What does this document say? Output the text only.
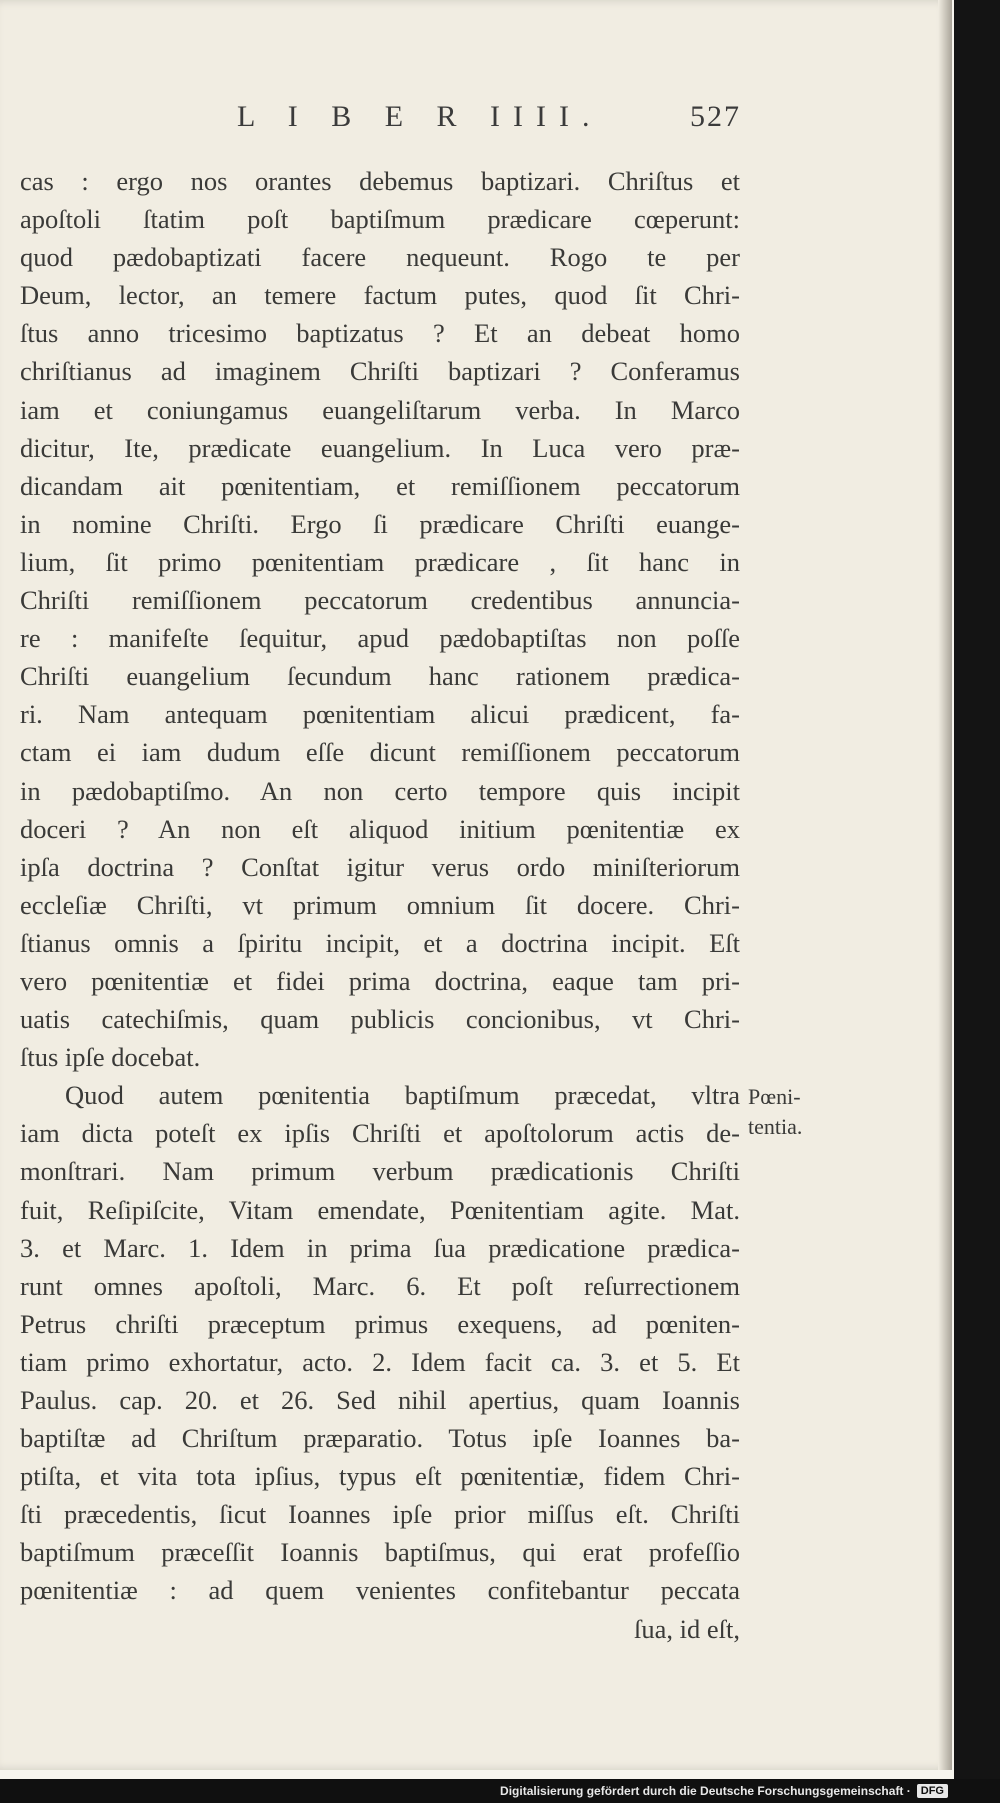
L I B E R IIII.	527
cas : ergo nos orantes debemus baptizari. Chriſtus et
apoſtoli ſtatim poſt baptiſmum prædicare cœperunt:
quod pædobaptizati facere nequeunt. Rogo te per
Deum, lector, an temere factum putes, quod ſit Chri-
ſtus anno tricesimo baptizatus ? Et an debeat homo
chriſtianus ad imaginem Chriſti baptizari ? Conferamus
iam et coniungamus euangeliſtarum verba. In Marco
dicitur, Ite, prædicate euangelium. In Luca vero præ-
dicandam ait pœnitentiam, et remiſſionem peccatorum
in nomine Chriſti. Ergo ſi prædicare Chriſti euange-
lium, ſit primo pœnitentiam prædicare , ſit hanc in
Chriſti remiſſionem peccatorum credentibus annuncia-
re : manifeſte ſequitur, apud pædobaptiſtas non poſſe
Chriſti euangelium ſecundum hanc rationem prædica-
ri. Nam antequam pœnitentiam alicui prædicent, fa-
ctam ei iam dudum eſſe dicunt remiſſionem peccatorum
in pædobaptiſmo. An non certo tempore quis incipit
doceri ? An non eſt aliquod initium pœnitentiæ ex
ipſa doctrina ? Conſtat igitur verus ordo miniſteriorum
eccleſiæ Chriſti, vt primum omnium ſit docere. Chri-
ſtianus omnis a ſpiritu incipit, et a doctrina incipit. Eſt
vero pœnitentiæ et fidei prima doctrina, eaque tam pri-
uatis catechiſmis, quam publicis concionibus, vt Chri-
ſtus ipſe docebat.
Quod autem pœnitentia baptiſmum præcedat, vltra
iam dicta poteſt ex ipſis Chriſti et apoſtolorum actis de-
monſtrari. Nam primum verbum prædicationis Chriſti
fuit, Reſipiſcite, Vitam emendate, Pœnitentiam agite. Mat.
3. et Marc. 1. Idem in prima ſua prædicatione prædica-
runt omnes apoſtoli, Marc. 6. Et poſt reſurrectionem
Petrus chriſti præceptum primus exequens, ad pœniten-
tiam primo exhortatur, acto. 2. Idem facit ca. 3. et 5. Et
Paulus. cap. 20. et 26. Sed nihil apertius, quam Ioannis
baptiſtæ ad Chriſtum præparatio. Totus ipſe Ioannes ba-
ptiſta, et vita tota ipſius, typus eſt pœnitentiæ, fidem Chri-
ſti præcedentis, ſicut Ioannes ipſe prior miſſus eſt. Chriſti
baptiſmum præceſſit Ioannis baptiſmus, qui erat profeſſio
pœnitentiæ : ad quem venientes confitebantur peccata
ſua, id eſt,
Pœni-
tentia.
Digitalisierung gefördert durch die Deutsche Forschungsgemeinschaft · DFG
